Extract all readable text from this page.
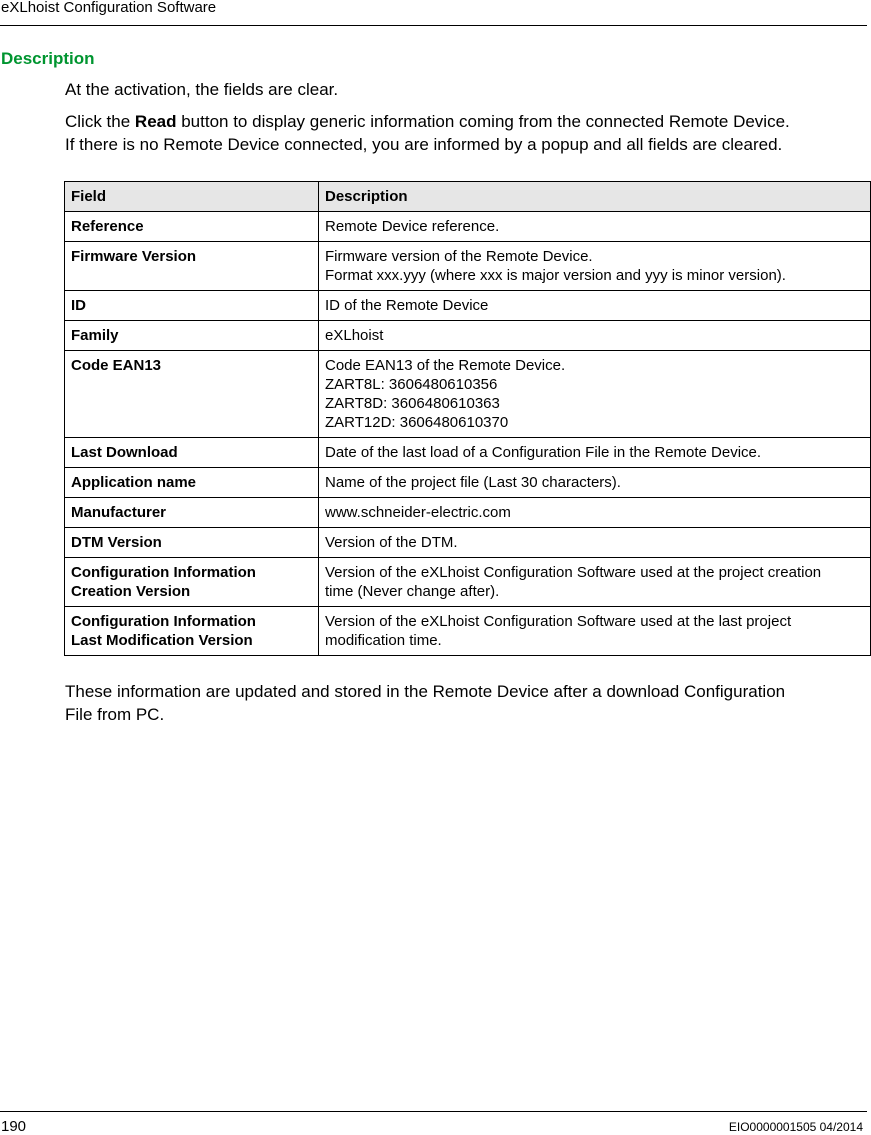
eXLhoist Configuration Software
Description

At the activation, the fields are clear.

Click the Read button to display generic information coming from the connected Remote Device.
If there is no Remote Device connected, you are informed by a popup and all fields are cleared.

Field	Description

Reference	Remote Device reference.

Firmware Version	Firmware version of the Remote Device.
Format xxx.yyy (where xxx is major version and yyy is minor version).

ID	ID of the Remote Device

Family	eXLhoist

Code EAN13	Code EAN13 of the Remote Device.
ZART8L: 3606480610356
ZART8D: 3606480610363
ZART12D: 3606480610370

Last Download	Date of the last load of a Configuration File in the Remote Device.

Application name	Name of the project file (Last 30 characters).

Manufacturer	www.schneider-electric.com

DTM Version	Version of the DTM.

Configuration Information
Creation Version	Version of the eXLhoist Configuration Software used at the project creation
time (Never change after).

Configuration Information
Last Modification Version	Version of the eXLhoist Configuration Software used at the last project
modification time.

These information are updated and stored in the Remote Device after a download Configuration
File from PC.

190	EIO0000001505 04/2014
